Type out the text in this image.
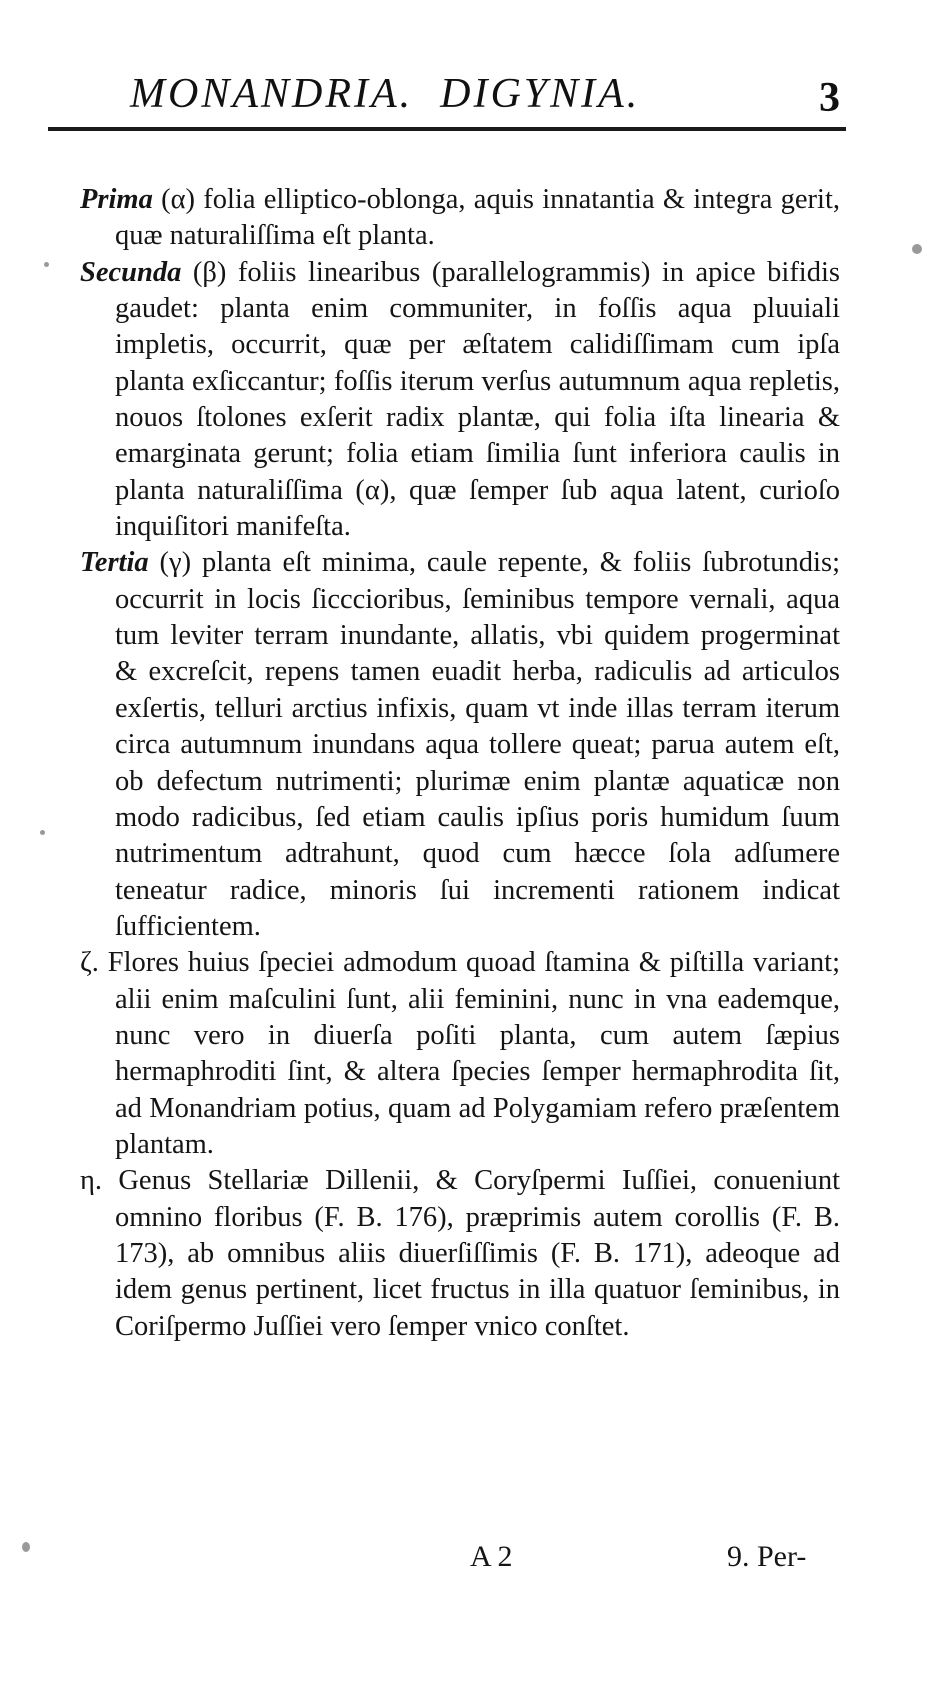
MONANDRIA.  DIGYNIA.	3

Prima (α) folia elliptico-oblonga, aquis innatantia & integra gerit, quæ naturaliſſima eſt planta.

Secunda (β) foliis linearibus (parallelogrammis) in apice bifidis gaudet: planta enim communiter, in foſſis aqua pluuiali impletis, occurrit, quæ per æſtatem calidiſſimam cum ipſa planta exſiccantur; foſſis iterum verſus autumnum aqua repletis, nouos ſtolones exſerit radix plantæ, qui folia iſta linearia & emarginata gerunt; folia etiam ſimilia ſunt inferiora caulis in planta naturaliſſima (α), quæ ſemper ſub aqua latent, curioſo inquiſitori manifeſta.

Tertia (γ) planta eſt minima, caule repente, & foliis ſubrotundis; occurrit in locis ſicccioribus, ſeminibus tempore vernali, aqua tum leviter terram inundante, allatis, vbi quidem progerminat & excreſcit, repens tamen euadit herba, radiculis ad articulos exſertis, telluri arctius infixis, quam vt inde illas terram iterum circa autumnum inundans aqua tollere queat; parua autem eſt, ob defectum nutrimenti; plurimæ enim plantæ aquaticæ non modo radicibus, ſed etiam caulis ipſius poris humidum ſuum nutrimentum adtrahunt, quod cum hæcce ſola adſumere teneatur radice, minoris ſui incrementi rationem indicat ſufficientem.

ζ. Flores huius ſpeciei admodum quoad ſtamina & piſtilla variant; alii enim maſculini ſunt, alii feminini, nunc in vna eademque, nunc vero in diuerſa poſiti planta, cum autem ſæpius hermaphroditi ſint, & altera ſpecies ſemper hermaphrodita ſit, ad Monandriam potius, quam ad Polygamiam refero præſentem plantam.

η. Genus Stellariæ Dillenii, & Coryſpermi Iuſſiei, conueniunt omnino floribus (F. B. 176), præprimis autem corollis (F. B. 173), ab omnibus aliis diuerſiſſimis (F. B. 171), adeoque ad idem genus pertinent, licet fructus in illa quatuor ſeminibus, in Coriſpermo Juſſiei vero ſemper vnico conſtet.

A 2	9. Per-
